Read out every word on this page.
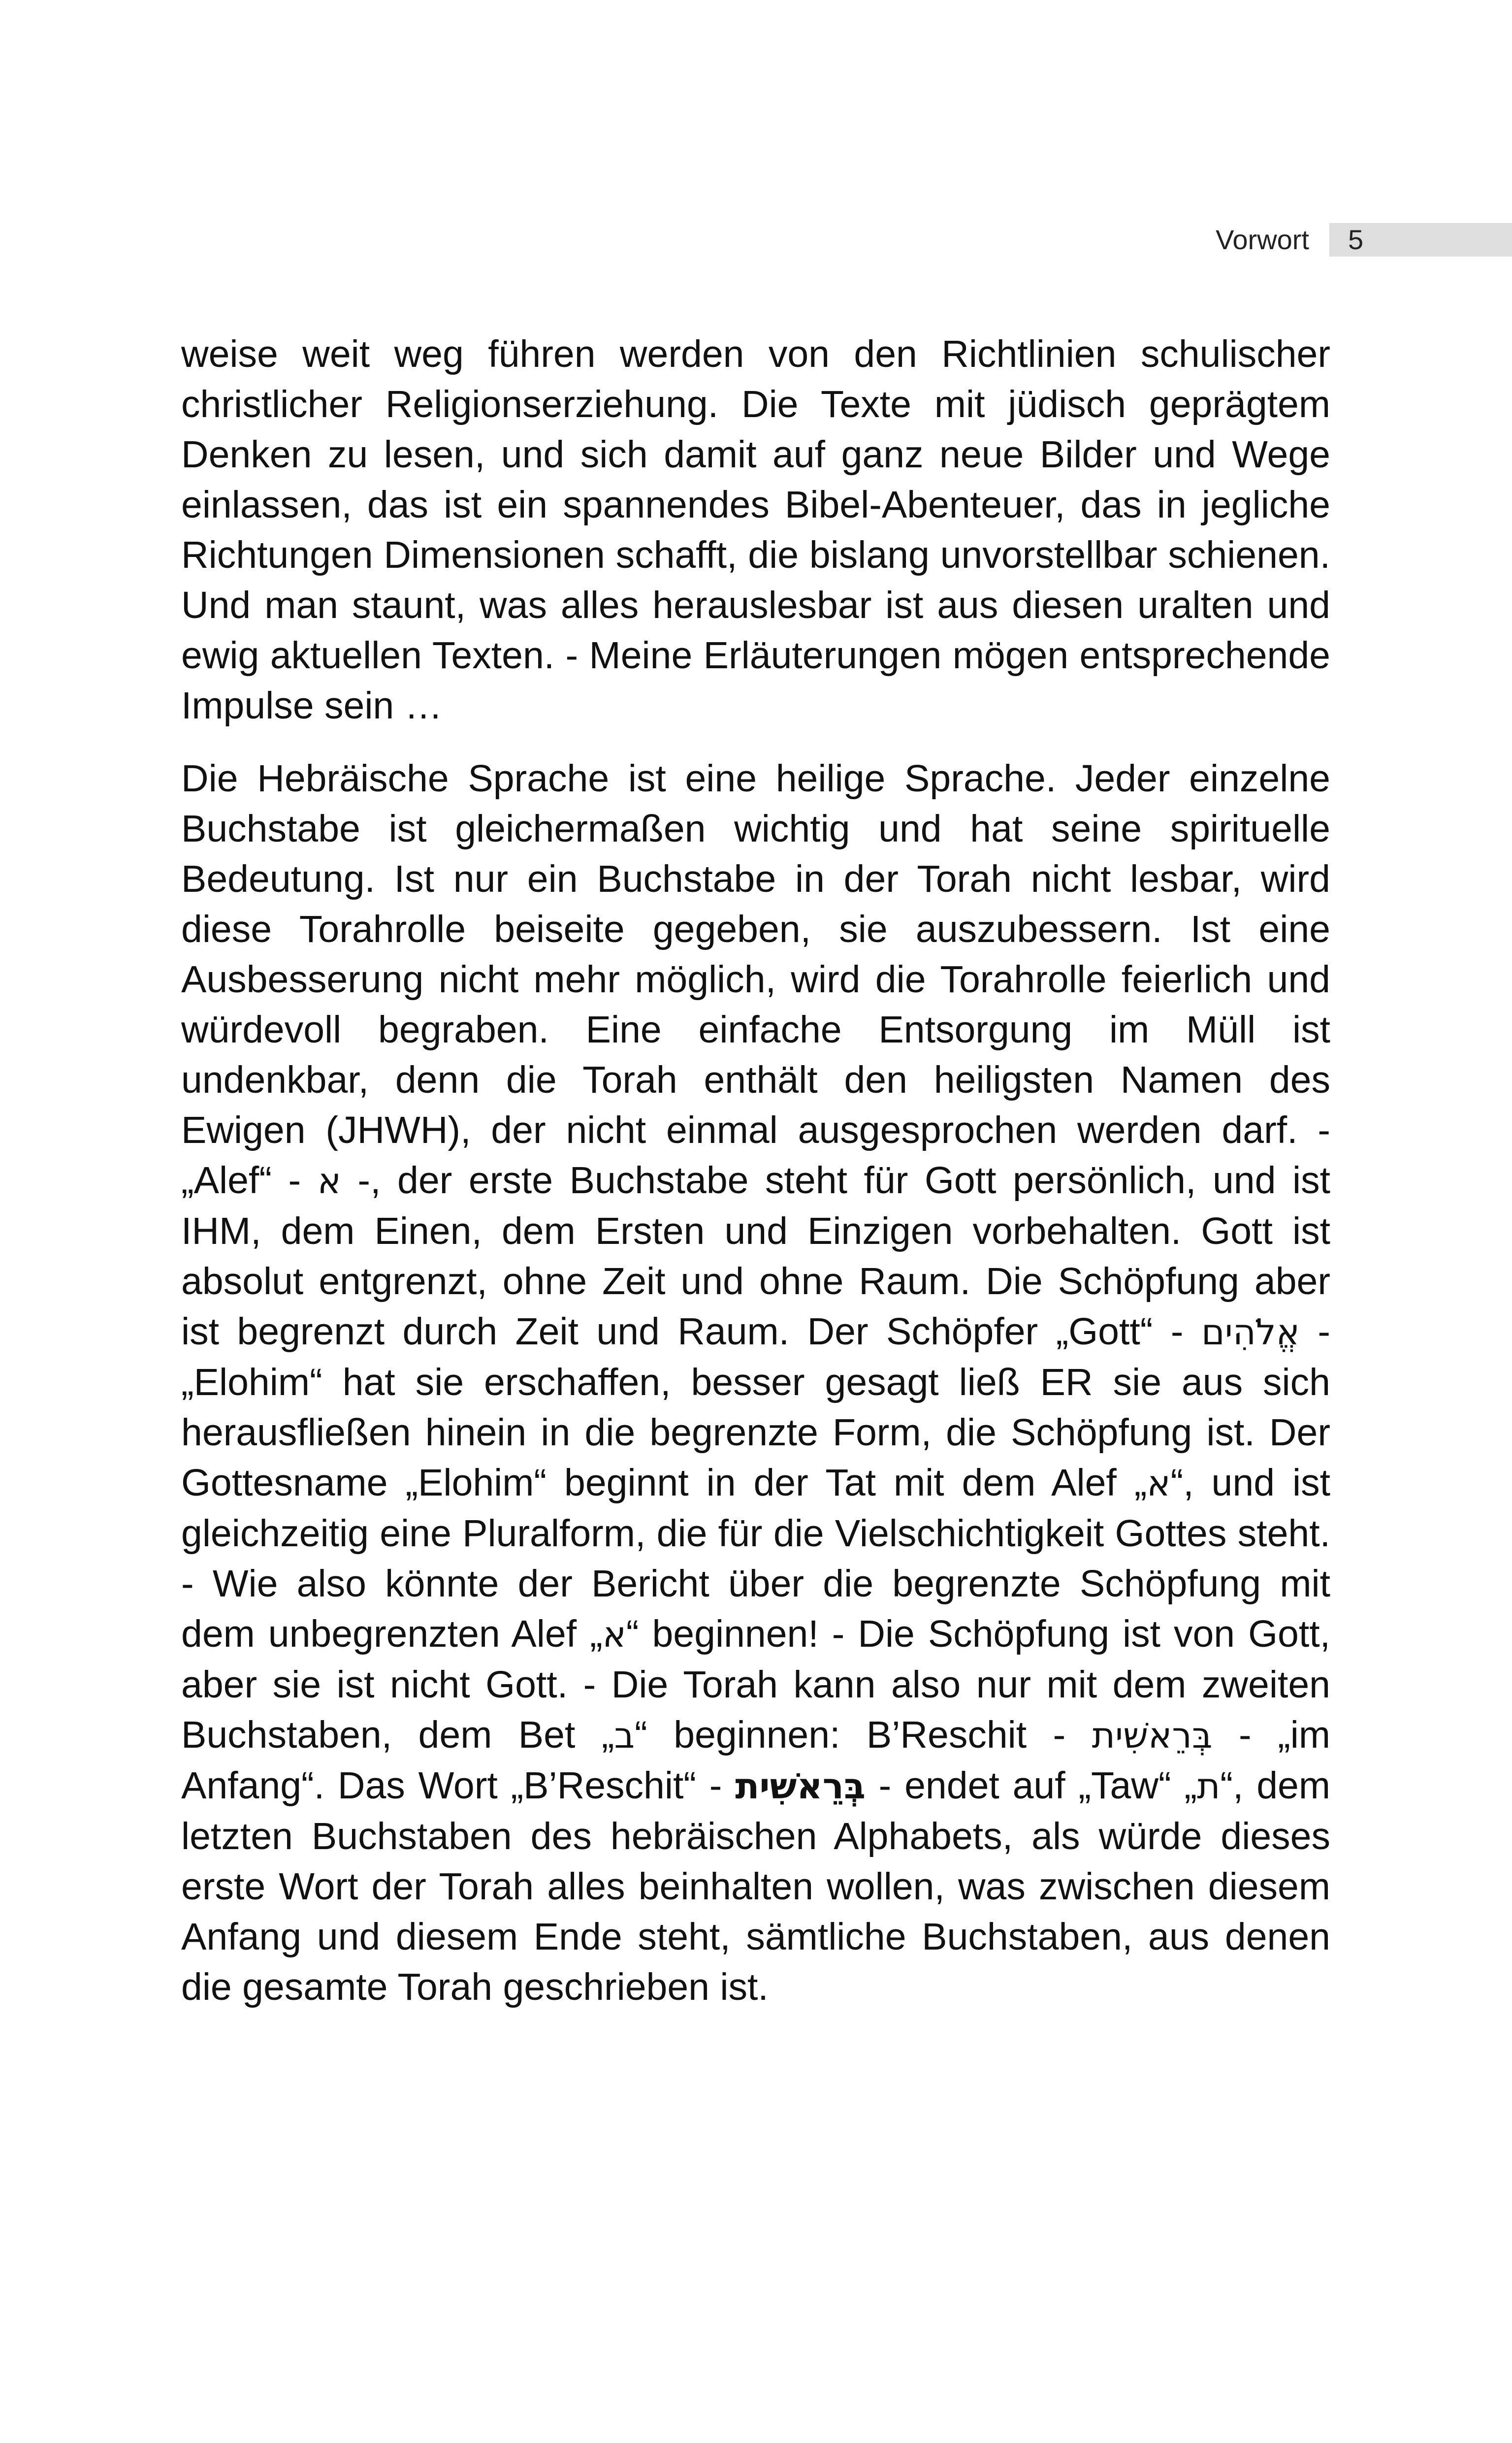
Vorwort 5

weise weit weg führen werden von den Richtlinien schulischer christlicher Religionserziehung. Die Texte mit jüdisch geprägtem Denken zu lesen, und sich damit auf ganz neue Bilder und Wege einlassen, das ist ein spannendes Bibel-Abenteuer, das in jegliche Richtungen Dimensionen schafft, die bislang unvorstellbar schienen. Und man staunt, was alles herauslesbar ist aus diesen uralten und ewig aktuellen Texten. - Meine Erläuterungen mögen entsprechende Impulse sein …

Die Hebräische Sprache ist eine heilige Sprache. Jeder einzelne Buchstabe ist gleichermaßen wichtig und hat seine spirituelle Bedeutung. Ist nur ein Buchstabe in der Torah nicht lesbar, wird diese Torahrolle beiseite gegeben, sie auszubessern. Ist eine Ausbesserung nicht mehr möglich, wird die Torahrolle feierlich und würdevoll begraben. Eine einfache Entsorgung im Müll ist undenkbar, denn die Torah enthält den heiligsten Namen des Ewigen (JHWH), der nicht einmal ausgesprochen werden darf. - „Alef“ - א -, der erste Buchstabe steht für Gott persönlich, und ist IHM, dem Einen, dem Ersten und Einzigen vorbehalten. Gott ist absolut entgrenzt, ohne Zeit und ohne Raum. Die Schöpfung aber ist begrenzt durch Zeit und Raum. Der Schöpfer „Gott“ - אֱלֹהִים - „Elohim“ hat sie erschaffen, besser gesagt ließ ER sie aus sich herausfließen hinein in die begrenzte Form, die Schöpfung ist. Der Gottesname „Elohim“ beginnt in der Tat mit dem Alef „א“, und ist gleichzeitig eine Pluralform, die für die Vielschichtigkeit Gottes steht. - Wie also könnte der Bericht über die begrenzte Schöpfung mit dem unbegrenzten Alef „א“ beginnen! - Die Schöpfung ist von Gott, aber sie ist nicht Gott. - Die Torah kann also nur mit dem zweiten Buchstaben, dem Bet „ב“ beginnen: B’Reschit - בְּרֵאשִׁית - „im Anfang“. Das Wort „B’Reschit“ - בְּרֵאשִׁית - endet auf „Taw“ „ת“, dem letzten Buchstaben des hebräischen Alphabets, als würde dieses erste Wort der Torah alles beinhalten wollen, was zwischen diesem Anfang und diesem Ende steht, sämtliche Buchstaben, aus denen die gesamte Torah geschrieben ist.
